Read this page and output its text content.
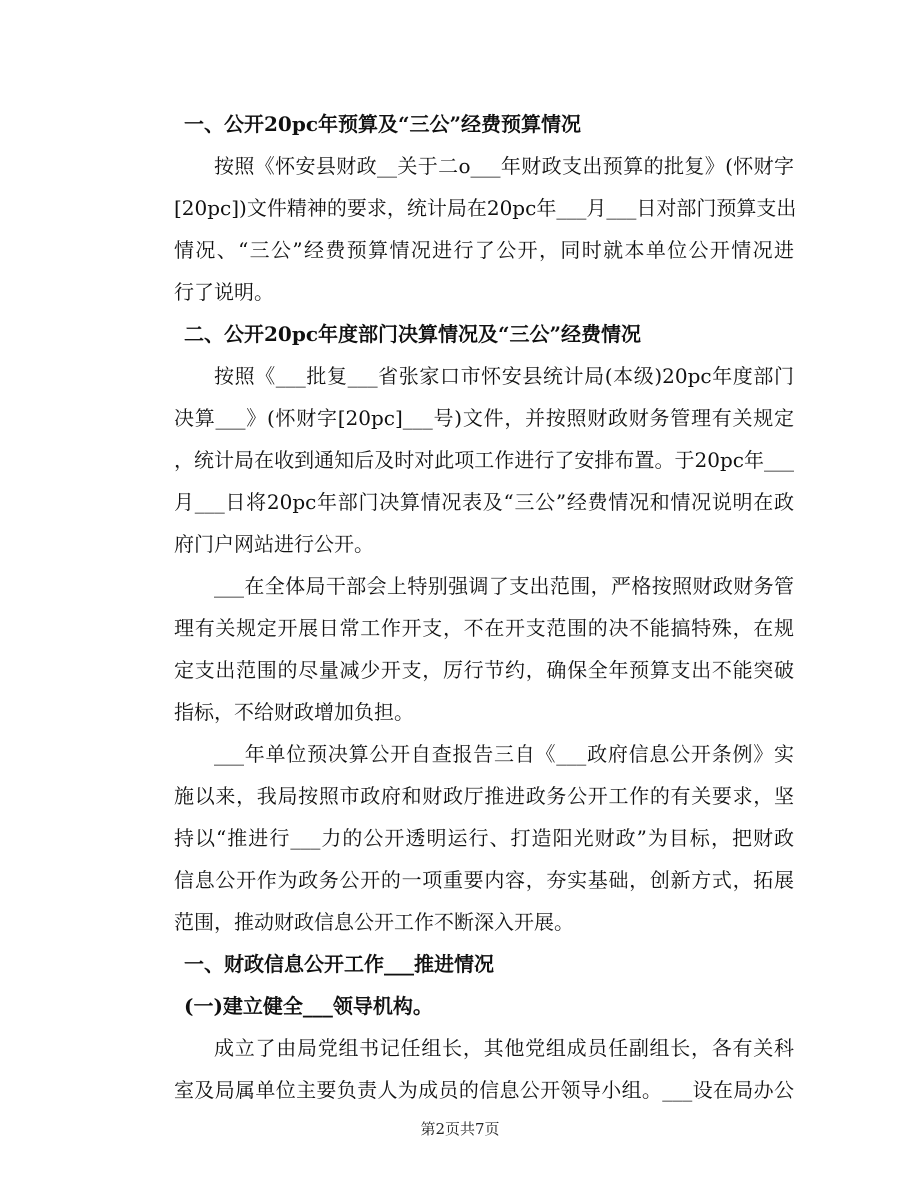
一、公开20pc年预算及“三公”经费预算情况
按照《怀安县财政__关于二o___年财政支出预算的批复》(怀财字
[20pc])文件精神的要求，统计局在20pc年___月___日对部门预算支出
情况、“三公”经费预算情况进行了公开，同时就本单位公开情况进
行了说明。
二、公开20pc年度部门决算情况及“三公”经费情况
按照《___批复___省张家口市怀安县统计局(本级)20pc年度部门
决算___》(怀财字[20pc]___号)文件，并按照财政财务管理有关规定
，统计局在收到通知后及时对此项工作进行了安排布置。于20pc年___
月___日将20pc年部门决算情况表及“三公”经费情况和情况说明在政
府门户网站进行公开。
___在全体局干部会上特别强调了支出范围，严格按照财政财务管
理有关规定开展日常工作开支，不在开支范围的决不能搞特殊，在规
定支出范围的尽量减少开支，厉行节约，确保全年预算支出不能突破
指标，不给财政增加负担。
___年单位预决算公开自查报告三自《___政府信息公开条例》实
施以来，我局按照市政府和财政厅推进政务公开工作的有关要求，坚
持以“推进行___力的公开透明运行、打造阳光财政”为目标，把财政
信息公开作为政务公开的一项重要内容，夯实基础，创新方式，拓展
范围，推动财政信息公开工作不断深入开展。
一、财政信息公开工作___推进情况
(一)建立健全___领导机构。
成立了由局党组书记任组长，其他党组成员任副组长，各有关科
室及局属单位主要负责人为成员的信息公开领导小组。___设在局办公
第2页共7页
